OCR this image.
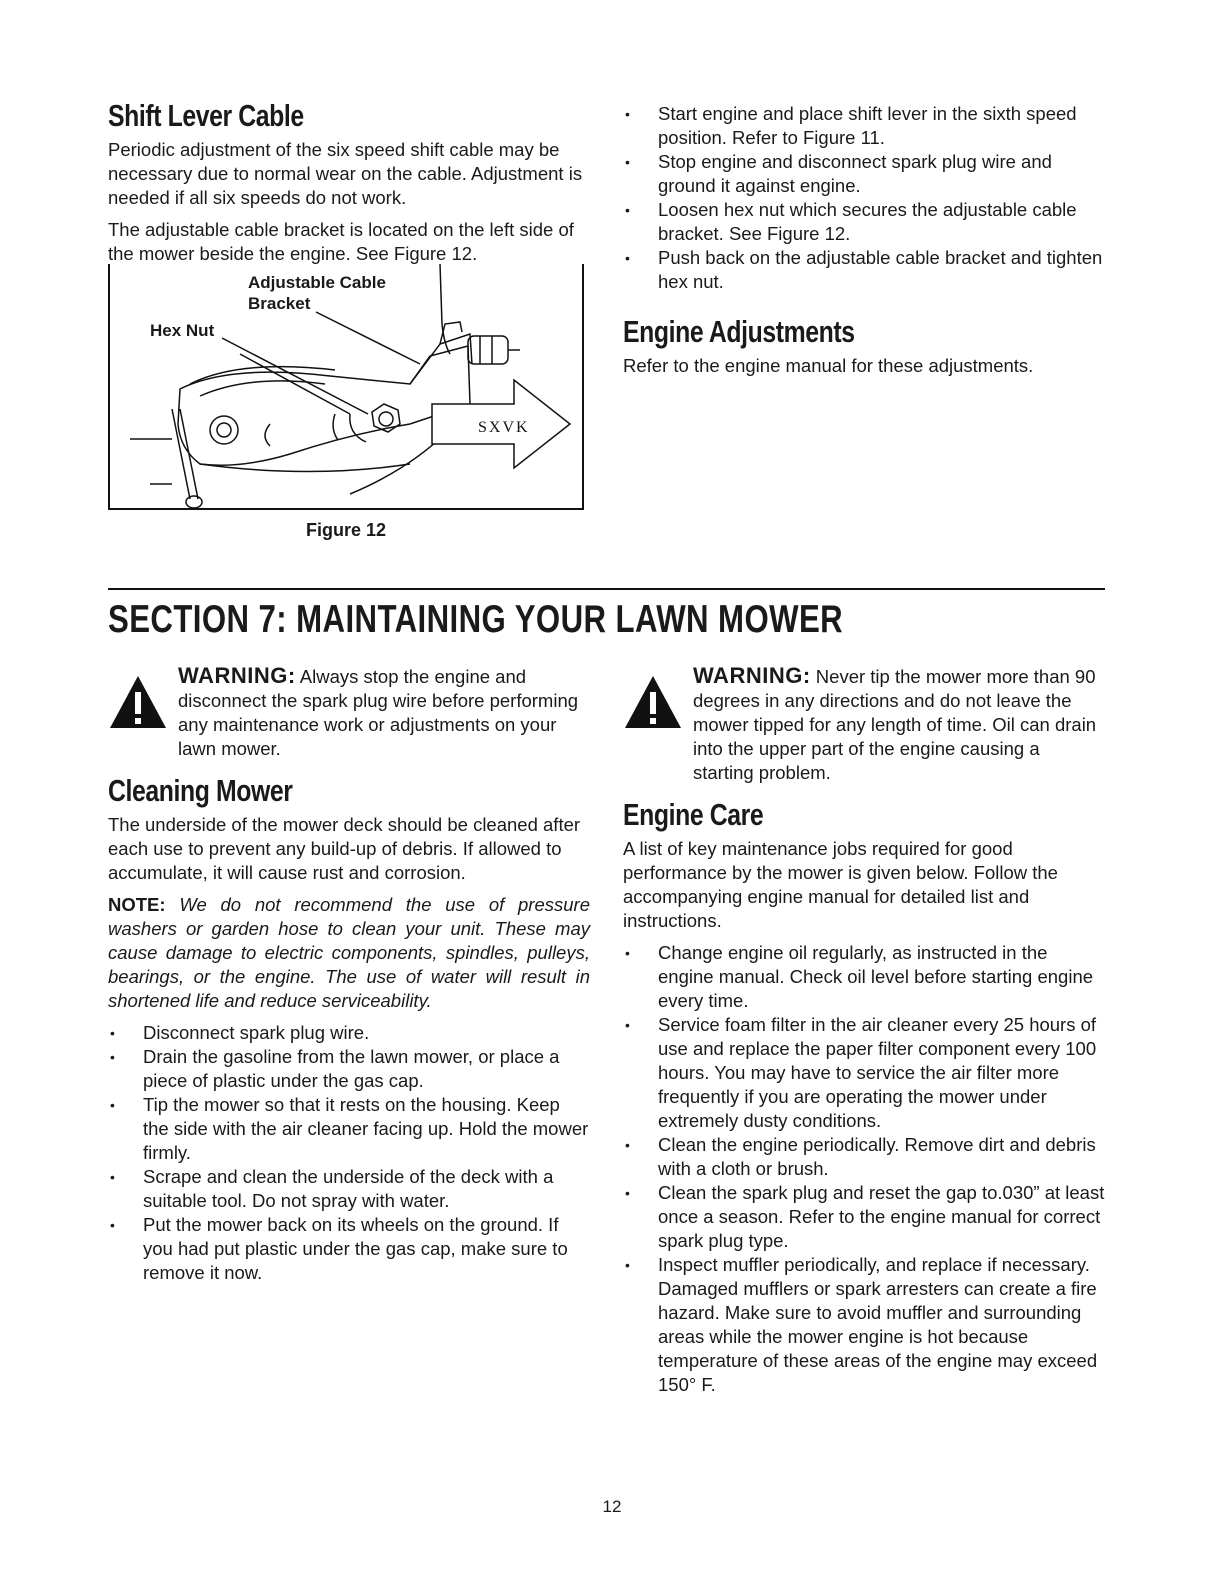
Shift Lever Cable

Periodic adjustment of the six speed shift cable may be necessary due to normal wear on the cable. Adjustment is needed if all six speeds do not work.

The adjustable cable bracket is located on the left side of the mower beside the engine. See Figure 12.

SXVK
Adjustable Cable Bracket
Hex Nut
Figure 12
• Start engine and place shift lever in the sixth speed position. Refer to Figure 11.
• Stop engine and disconnect spark plug wire and ground it against engine.
• Loosen hex nut which secures the adjustable cable bracket. See Figure 12.
• Push back on the adjustable cable bracket and tighten hex nut.
Engine Adjustments

Refer to the engine manual for these adjustments.

SECTION 7: MAINTAINING YOUR LAWN MOWER
WARNING: Always stop the engine and disconnect the spark plug wire before performing any maintenance work or adjustments on your lawn mower.
Cleaning Mower

The underside of the mower deck should be cleaned after each use to prevent any build-up of debris. If allowed to accumulate, it will cause rust and corrosion.

NOTE: We do not recommend the use of pressure washers or garden hose to clean your unit. These may cause damage to electric components, spindles, pulleys, bearings, or the engine. The use of water will result in shortened life and reduce serviceability.

• Disconnect spark plug wire.
• Drain the gasoline from the lawn mower, or place a piece of plastic under the gas cap.
• Tip the mower so that it rests on the housing. Keep the side with the air cleaner facing up. Hold the mower firmly.
• Scrape and clean the underside of the deck with a suitable tool. Do not spray with water.
• Put the mower back on its wheels on the ground. If you had put plastic under the gas cap, make sure to remove it now.
WARNING: Never tip the mower more than 90 degrees in any directions and do not leave the mower tipped for any length of time. Oil can drain into the upper part of the engine causing a starting problem.
Engine Care

A list of key maintenance jobs required for good performance by the mower is given below. Follow the accompanying engine manual for detailed list and instructions.

• Change engine oil regularly, as instructed in the engine manual. Check oil level before starting engine every time.
• Service foam filter in the air cleaner every 25 hours of use and replace the paper filter component every 100 hours. You may have to service the air filter more frequently if you are operating the mower under extremely dusty conditions.
• Clean the engine periodically. Remove dirt and debris with a cloth or brush.
• Clean the spark plug and reset the gap to.030” at least once a season. Refer to the engine manual for correct spark plug type.
• Inspect muffler periodically, and replace if necessary. Damaged mufflers or spark arresters can create a fire hazard. Make sure to avoid muffler and surrounding areas while the mower engine is hot because temperature of these areas of the engine may exceed 150° F.
12
